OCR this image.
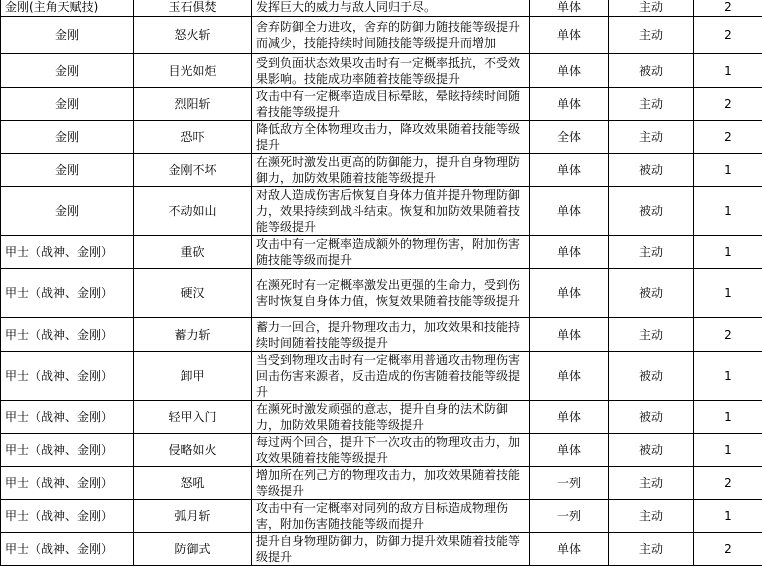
金刚(主角天赋技)	玉石俱焚	发挥巨大的威力与敌人同归于尽。	单体	主动	2
金刚	怒火斩	舍弃防御全力进攻，舍弃的防御力随技能等级提升而减少，技能持续时间随技能等级提升而增加	单体	主动	2
金刚	目光如炬	受到负面状态效果攻击时有一定概率抵抗，不受效果影响。技能成功率随着技能等级提升	单体	被动	1
金刚	烈阳斩	攻击中有一定概率造成目标晕眩，晕眩持续时间随着技能等级提升	单体	主动	2
金刚	恐吓	降低敌方全体物理攻击力，降攻效果随着技能等级提升	全体	主动	2
金刚	金刚不坏	在濒死时激发出更高的防御能力，提升自身物理防御力，加防效果随着技能等级提升	单体	被动	1
金刚	不动如山	对敌人造成伤害后恢复自身体力值并提升物理防御力，效果持续到战斗结束。恢复和加防效果随着技能等级提升	单体	被动	1
甲士（战神、金刚）	重砍	攻击中有一定概率造成额外的物理伤害，附加伤害随技能等级而提升	单体	主动	1
甲士（战神、金刚）	硬汉	在濒死时有一定概率激发出更强的生命力，受到伤害时恢复自身体力值，恢复效果随着技能等级提升	单体	被动	1
甲士（战神、金刚）	蓄力斩	蓄力一回合，提升物理攻击力，加攻效果和技能持续时间随着技能等级提升	单体	主动	2
甲士（战神、金刚）	卸甲	当受到物理攻击时有一定概率用普通攻击物理伤害回击伤害来源者，反击造成的伤害随着技能等级提升	单体	被动	1
甲士（战神、金刚）	轻甲入门	在濒死时激发顽强的意志，提升自身的法术防御力，加防效果随着技能等级提升	单体	被动	1
甲士（战神、金刚）	侵略如火	每过两个回合，提升下一次攻击的物理攻击力，加攻效果随着技能等级提升	单体	被动	1
甲士（战神、金刚）	怒吼	增加所在列己方的物理攻击力，加攻效果随着技能等级提升	一列	主动	2
甲士（战神、金刚）	弧月斩	攻击中有一定概率对同列的敌方目标造成物理伤害，附加伤害随技能等级而提升	一列	主动	1
甲士（战神、金刚）	防御式	提升自身物理防御力，防御力提升效果随着技能等级提升	单体	主动	2
